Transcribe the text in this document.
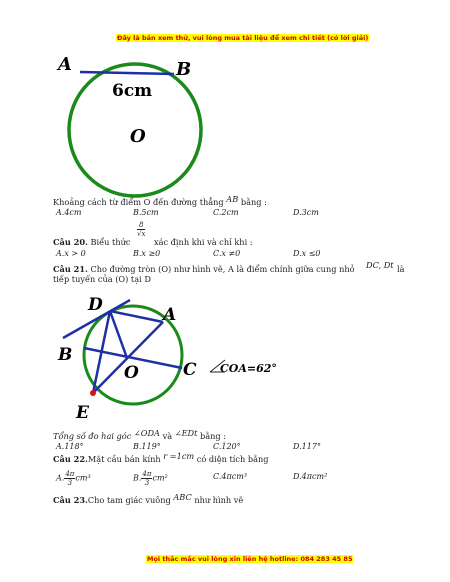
Đây là bản xem thử, vui lòng mua tài liệu để xem chi tiết (có lời giải)
A	B
6cm
O
Khoảng cách từ điểm O đến đường thẳng AB bằng :
A.4cm	B.5cm	C.2cm	D.3cm
Câu 20. Biểu thức
$\frac{8}{√x}$
xác định khi và chỉ khi :
A.x > 0	B.x ≥0	C.x ≠0	D.x ≤0
Câu 21. Cho đường tròn (O) như hình vẽ, A là điểm chính giữa cung nhỏ DC, Dt là
tiếp tuyến của (O) tại D
D	A
B
O	C
E
COA=62°
Tổng số đo hai góc ∠ODA và ∠EDt bằng :
A.118°	B.119°	C.120°	D.117°
Câu 22.Mặt cầu bán kính r =1cm có diện tích bằng
A. $\frac{4\pi}{3} cm^3$	B. $\frac{4\pi}{3} cm^2$	C.4πcm³	D.4πcm²
Câu 23.Cho tam giác vuông ABC như hình vẽ
Mọi thắc mắc vui lòng xin liên hệ hotline: 084 283 45 85
